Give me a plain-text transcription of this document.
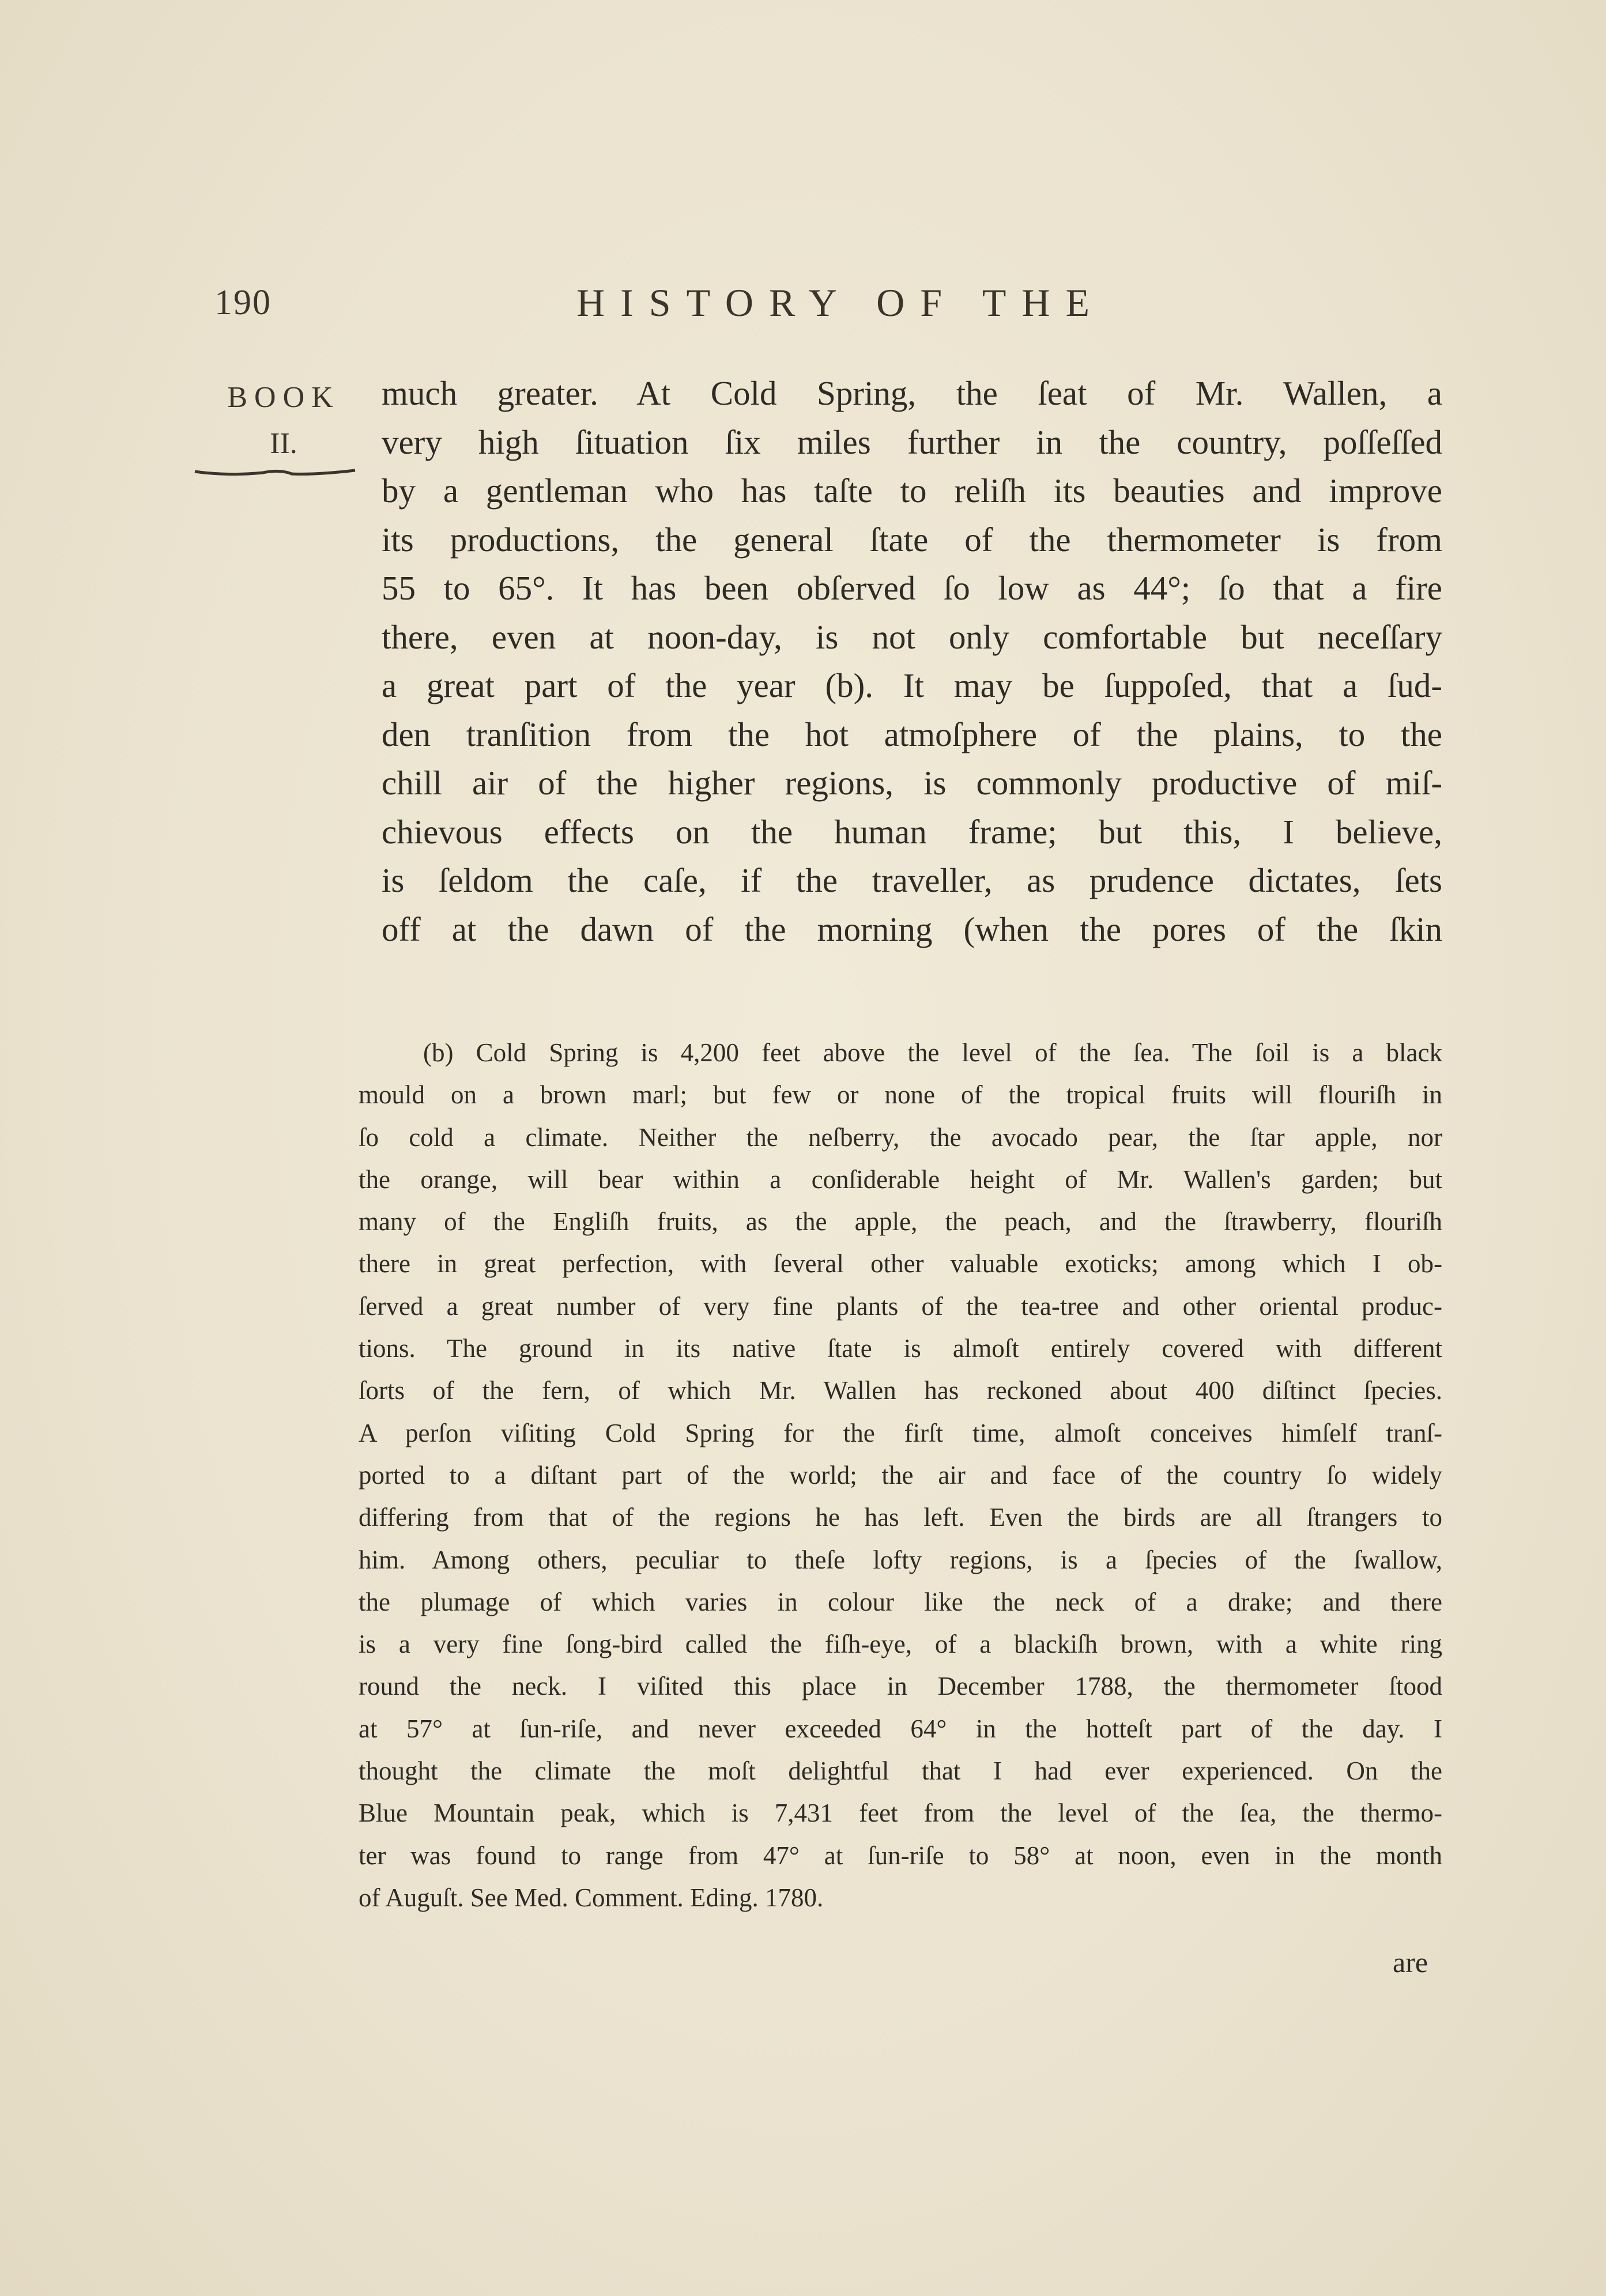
190	HISTORY OF THE
BOOK
II.
much greater. At Cold Spring, the ſeat of Mr. Wallen, a
very high ſituation ſix miles further in the country, poſſeſſed
by a gentleman who has taſte to reliſh its beauties and improve
its productions, the general ſtate of the thermometer is from
55 to 65°. It has been obſerved ſo low as 44°; ſo that a fire
there, even at noon-day, is not only comfortable but neceſſary
a great part of the year (b). It may be ſuppoſed, that a ſud-
den tranſition from the hot atmoſphere of the plains, to the
chill air of the higher regions, is commonly productive of miſ-
chievous effects on the human frame; but this, I believe,
is ſeldom the caſe, if the traveller, as prudence dictates, ſets
off at the dawn of the morning (when the pores of the ſkin
(b) Cold Spring is 4,200 feet above the level of the ſea. The ſoil is a black
mould on a brown marl; but few or none of the tropical fruits will flouriſh in
ſo cold a climate. Neither the neſberry, the avocado pear, the ſtar apple, nor
the orange, will bear within a conſiderable height of Mr. Wallen's garden; but
many of the Engliſh fruits, as the apple, the peach, and the ſtrawberry, flouriſh
there in great perfection, with ſeveral other valuable exoticks; among which I ob-
ſerved a great number of very fine plants of the tea-tree and other oriental produc-
tions. The ground in its native ſtate is almoſt entirely covered with different
ſorts of the fern, of which Mr. Wallen has reckoned about 400 diſtinct ſpecies.
A perſon viſiting Cold Spring for the firſt time, almoſt conceives himſelf tranſ-
ported to a diſtant part of the world; the air and face of the country ſo widely
differing from that of the regions he has left. Even the birds are all ſtrangers to
him. Among others, peculiar to theſe lofty regions, is a ſpecies of the ſwallow,
the plumage of which varies in colour like the neck of a drake; and there
is a very fine ſong-bird called the fiſh-eye, of a blackiſh brown, with a white ring
round the neck. I viſited this place in December 1788, the thermometer ſtood
at 57° at ſun-riſe, and never exceeded 64° in the hotteſt part of the day. I
thought the climate the moſt delightful that I had ever experienced. On the
Blue Mountain peak, which is 7,431 feet from the level of the ſea, the thermo-
ter was found to range from 47° at ſun-riſe to 58° at noon, even in the month
of Auguſt. See Med. Comment. Eding. 1780.
are
